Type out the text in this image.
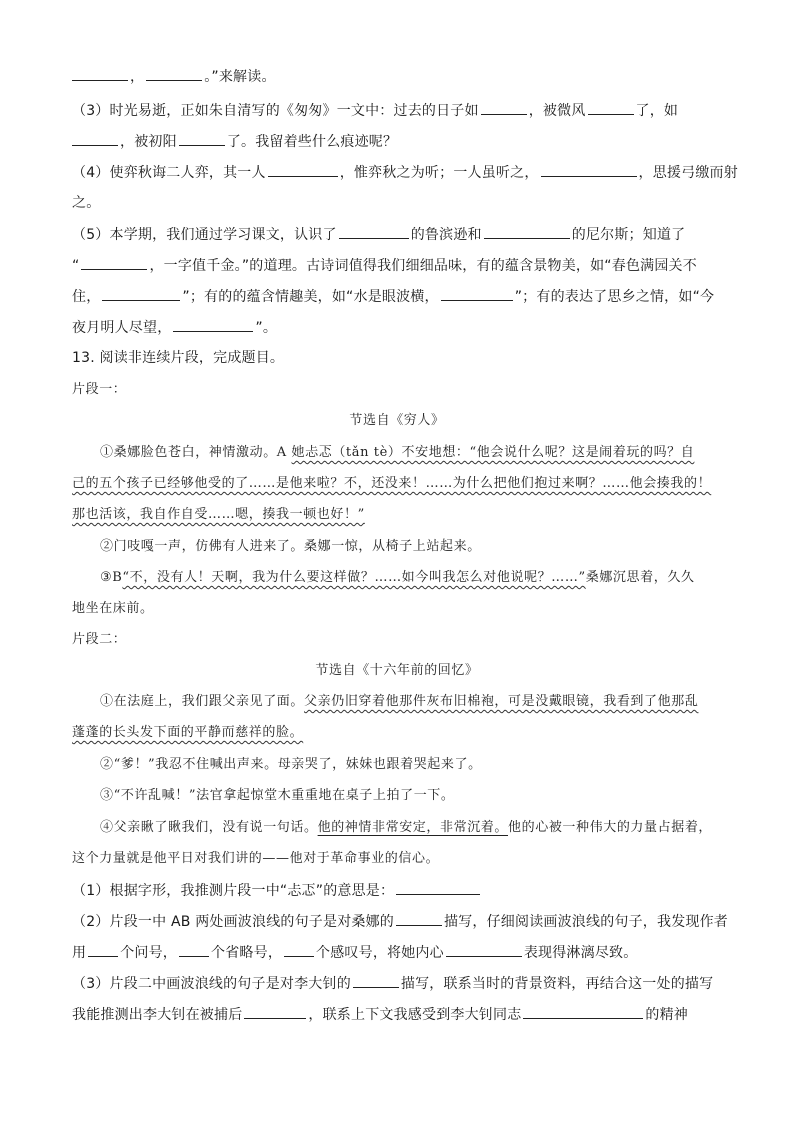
，	。”来解读。
（3）时光易逝，正如朱自清写的《匆匆》一文中：过去的日子如	，被微风	了，如
，被初阳	了。我留着些什么痕迹呢？
（4）使弈秋诲二人弈，其一人	，惟弈秋之为听；一人虽听之，	，思援弓缴而射
之。
（5）本学期，我们通过学习课文，认识了	的鲁滨逊和	的尼尔斯；知道了
“	，一字值千金。”的道理。古诗词值得我们细细品味，有的蕴含景物美，如“春色满园关不
住，	”；有的的蕴含情趣美，如“水是眼波横，	”；有的表达了思乡之情，如“今
夜月明人尽望，	”。
13. 阅读非连续片段，完成题目。
片段一：
节选自《穷人》
①桑娜脸色苍白，神情激动。A 她忐忑（tǎn tè）不安地想：“他会说什么呢？这是闹着玩的吗？自
己的五个孩子已经够他受的了……是他来啦？不，还没来！……为什么把他们抱过来啊？……他会揍我的！
那也活该，我自作自受……嗯，揍我一顿也好！”
②门吱嘎一声，仿佛有人进来了。桑娜一惊，从椅子上站起来。
③B“不，没有人！天啊，我为什么要这样做？……如今叫我怎么对他说呢？……”桑娜沉思着，久久
地坐在床前。
片段二：
节选自《十六年前的回忆》
①在法庭上，我们跟父亲见了面。父亲仍旧穿着他那件灰布旧棉袍，可是没戴眼镜，我看到了他那乱
蓬蓬的长头发下面的平静而慈祥的脸。
②“爹！”我忍不住喊出声来。母亲哭了，妹妹也跟着哭起来了。
③“不许乱喊！”法官拿起惊堂木重重地在桌子上拍了一下。
④父亲瞅了瞅我们，没有说一句话。他的神情非常安定，非常沉着。他的心被一种伟大的力量占据着，
这个力量就是他平日对我们讲的——他对于革命事业的信心。
（1）根据字形，我推测片段一中“忐忑”的意思是：
（2）片段一中 AB 两处画波浪线的句子是对桑娜的	描写，仔细阅读画波浪线的句子，我发现作者
用 个问号， 个省略号， 个感叹号，将她内心	表现得淋漓尽致。
（3）片段二中画波浪线的句子是对李大钊的	描写，联系当时的背景资料，再结合这一处的描写
我能推测出李大钊在被捕后	，联系上下文我感受到李大钊同志	的精神
